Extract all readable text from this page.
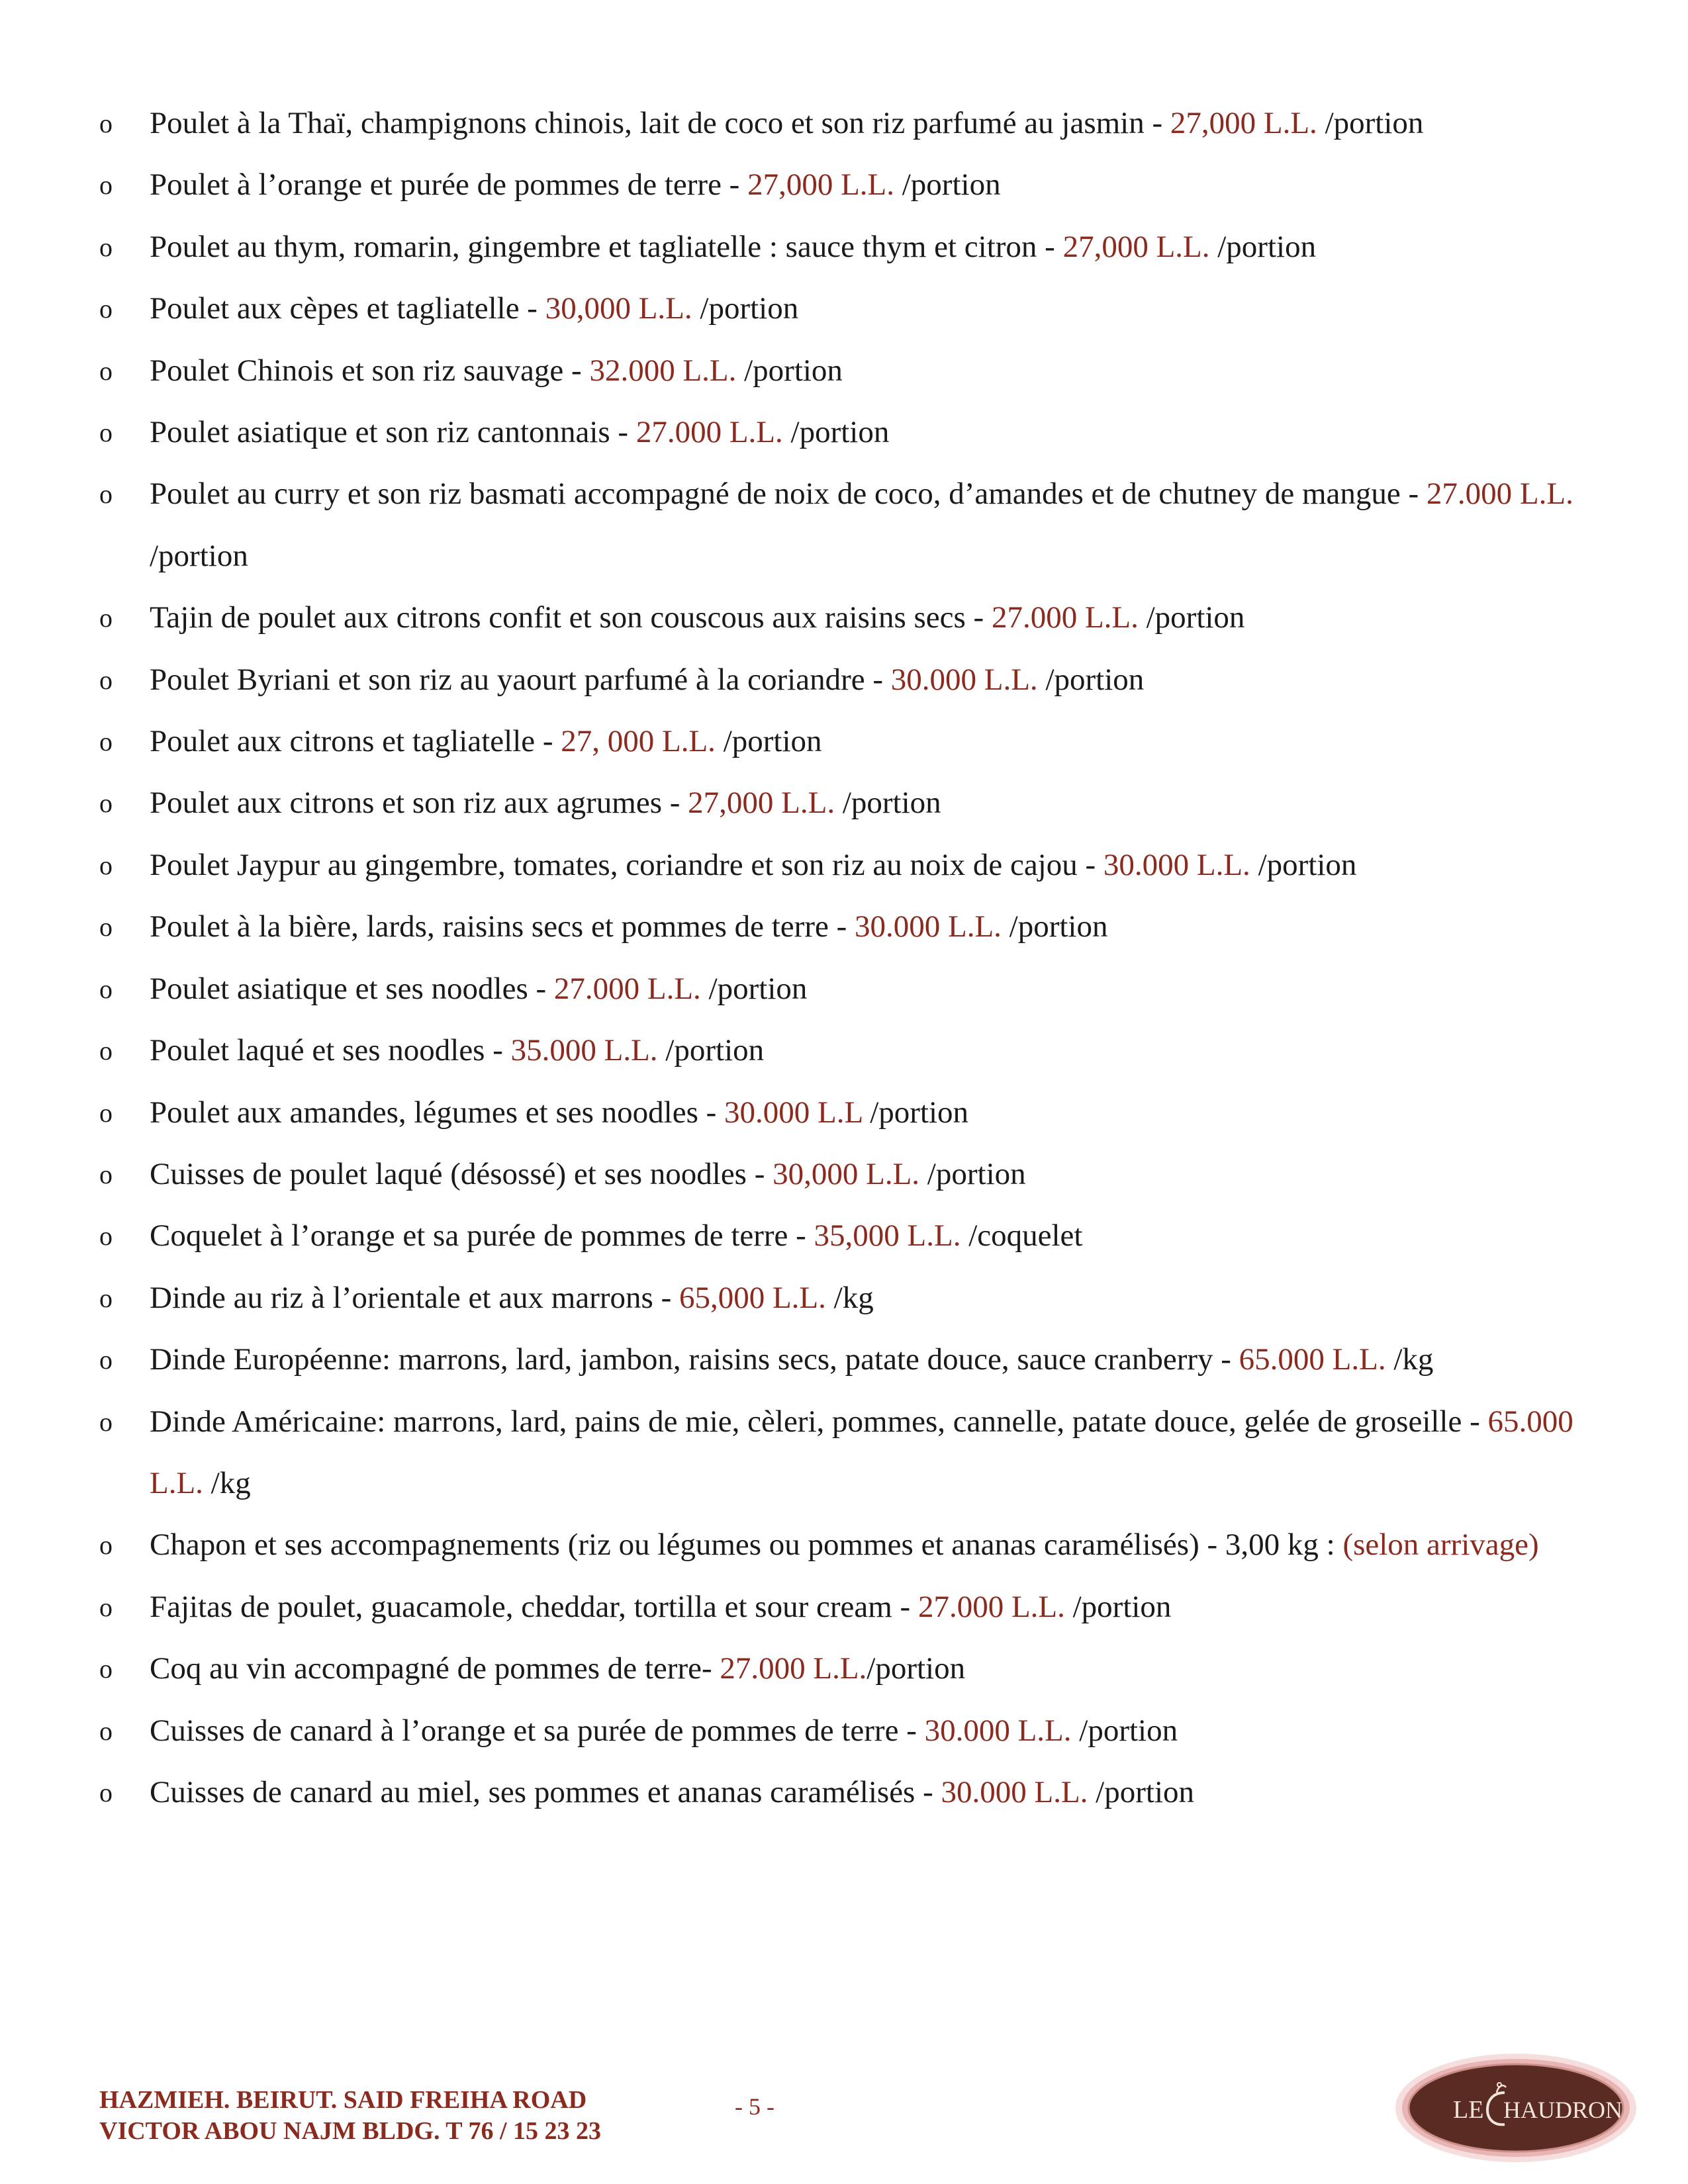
o Poulet à la Thaï, champignons chinois, lait de coco et son riz parfumé au jasmin - 27,000 L.L. /portion
o Poulet à l’orange et purée de pommes de terre - 27,000 L.L. /portion
o Poulet au thym, romarin, gingembre et tagliatelle : sauce thym et citron - 27,000 L.L. /portion
o Poulet aux cèpes et tagliatelle - 30,000 L.L. /portion
o Poulet Chinois et son riz sauvage - 32.000 L.L. /portion
o Poulet asiatique et son riz cantonnais - 27.000 L.L. /portion
o Poulet au curry et son riz basmati accompagné de noix de coco, d’amandes et de chutney de mangue - 27.000 L.L. /portion
o Tajin de poulet aux citrons confit et son couscous aux raisins secs - 27.000 L.L. /portion
o Poulet Byriani et son riz au yaourt parfumé à la coriandre - 30.000 L.L. /portion
o Poulet aux citrons et tagliatelle - 27, 000 L.L. /portion
o Poulet aux citrons et son riz aux agrumes - 27,000 L.L. /portion
o Poulet Jaypur au gingembre, tomates, coriandre et son riz au noix de cajou - 30.000 L.L. /portion
o Poulet à la bière, lards, raisins secs et pommes de terre - 30.000 L.L. /portion
o Poulet asiatique et ses noodles - 27.000 L.L. /portion
o Poulet laqué et ses noodles - 35.000 L.L. /portion
o Poulet aux amandes, légumes et ses noodles - 30.000 L.L /portion
o Cuisses de poulet laqué (désossé) et ses noodles - 30,000 L.L. /portion
o Coquelet à l’orange et sa purée de pommes de terre - 35,000 L.L. /coquelet
o Dinde au riz à l’orientale et aux marrons - 65,000 L.L. /kg
o Dinde Européenne: marrons, lard, jambon, raisins secs, patate douce, sauce cranberry - 65.000 L.L. /kg
o Dinde Américaine: marrons, lard, pains de mie, cèleri, pommes, cannelle, patate douce, gelée de groseille - 65.000 L.L. /kg
o Chapon et ses accompagnements (riz ou légumes ou pommes et ananas caramélisés) - 3,00 kg : (selon arrivage)
o Fajitas de poulet, guacamole, cheddar, tortilla et sour cream - 27.000 L.L. /portion
o Coq au vin accompagné de pommes de terre- 27.000 L.L./portion
o Cuisses de canard à l’orange et sa purée de pommes de terre - 30.000 L.L. /portion
o Cuisses de canard au miel, ses pommes et ananas caramélisés - 30.000 L.L. /portion
HAZMIEH. BEIRUT. SAID FREIHA ROAD
VICTOR ABOU NAJM BLDG. T 76 / 15 23 23
- 5 -	LE HAUDRON
